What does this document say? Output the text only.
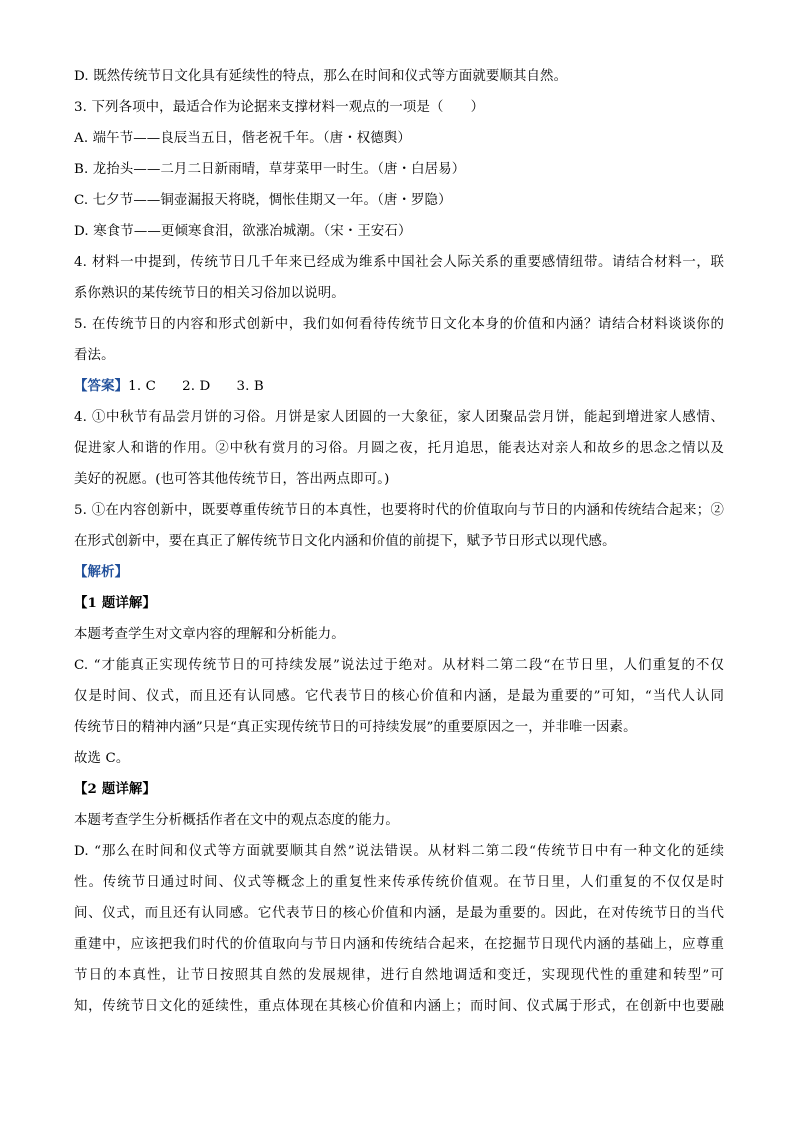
D. 既然传统节日文化具有延续性的特点，那么在时间和仪式等方面就要顺其自然。
3. 下列各项中，最适合作为论据来支撑材料一观点的一项是（　　）
A. 端午节——良辰当五日，偕老祝千年。（唐・权德舆）
B. 龙抬头——二月二日新雨晴，草芽菜甲一时生。（唐・白居易）
C. 七夕节——铜壶漏报天将晓，惆怅佳期又一年。（唐・罗隐）
D. 寒食节——更倾寒食泪，欲涨冶城潮。（宋・王安石）
4. 材料一中提到，传统节日几千年来已经成为维系中国社会人际关系的重要感情纽带。请结合材料一，联
系你熟识的某传统节日的相关习俗加以说明。
5. 在传统节日的内容和形式创新中，我们如何看待传统节日文化本身的价值和内涵？请结合材料谈谈你的
看法。
【答案】1. C 2. D 3. B
4. ①中秋节有品尝月饼的习俗。月饼是家人团圆的一大象征，家人团聚品尝月饼，能起到增进家人感情、
促进家人和谐的作用。②中秋有赏月的习俗。月圆之夜，托月追思，能表达对亲人和故乡的思念之情以及
美好的祝愿。(也可答其他传统节日，答出两点即可。)
5. ①在内容创新中，既要尊重传统节日的本真性，也要将时代的价值取向与节日的内涵和传统结合起来；②
在形式创新中，要在真正了解传统节日文化内涵和价值的前提下，赋予节日形式以现代感。
【解析】
【1 题详解】
本题考查学生对文章内容的理解和分析能力。
C. “才能真正实现传统节日的可持续发展”说法过于绝对。从材料二第二段“在节日里，人们重复的不仅
仅是时间、仪式，而且还有认同感。它代表节日的核心价值和内涵，是最为重要的”可知，“当代人认同
传统节日的精神内涵”只是“真正实现传统节日的可持续发展”的重要原因之一，并非唯一因素。
故选 C。
【2 题详解】
本题考查学生分析概括作者在文中的观点态度的能力。
D. “那么在时间和仪式等方面就要顺其自然”说法错误。从材料二第二段“传统节日中有一种文化的延续
性。传统节日通过时间、仪式等概念上的重复性来传承传统价值观。在节日里，人们重复的不仅仅是时
间、仪式，而且还有认同感。它代表节日的核心价值和内涵，是最为重要的。因此，在对传统节日的当代
重建中，应该把我们时代的价值取向与节日内涵和传统结合起来，在挖掘节日现代内涵的基础上，应尊重
节日的本真性，让节日按照其自然的发展规律，进行自然地调适和变迁，实现现代性的重建和转型”可
知，传统节日文化的延续性，重点体现在其核心价值和内涵上；而时间、仪式属于形式，在创新中也要融
